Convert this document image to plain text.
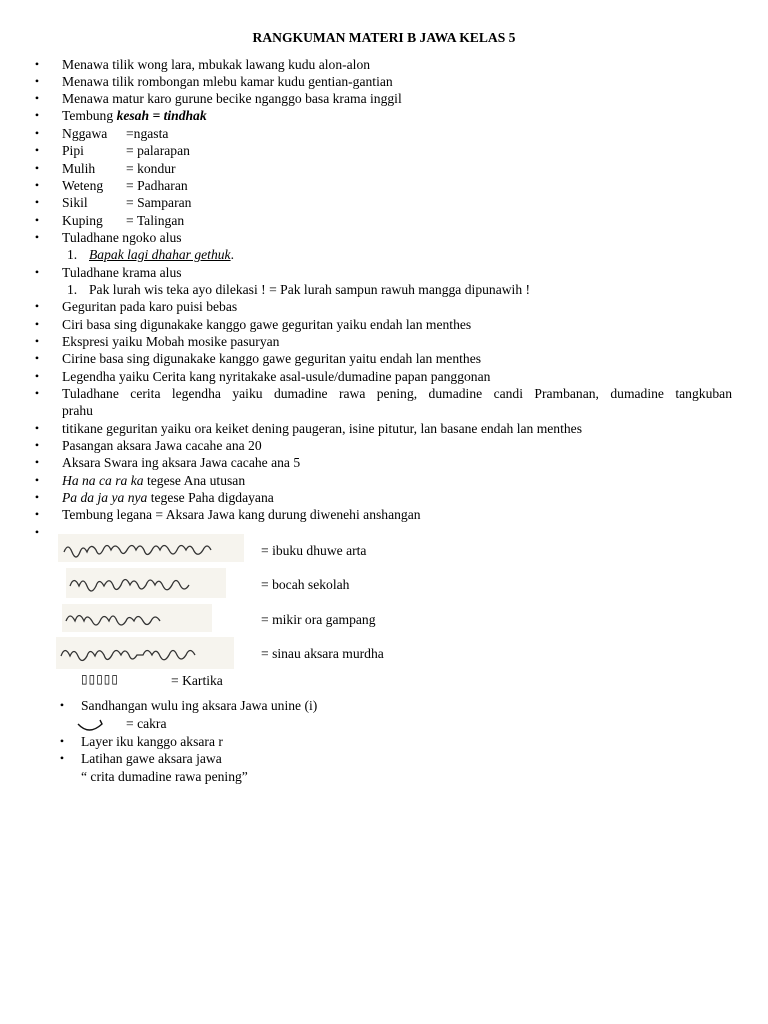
RANGKUMAN MATERI B JAWA KELAS 5
• Menawa tilik wong lara, mbukak lawang kudu alon-alon
• Menawa tilik rombongan mlebu kamar kudu gentian-gantian
• Menawa matur karo gurune becike nganggo basa krama inggil
• Tembung kesah = tindhak
• Nggawa =ngasta
• Pipi	= palarapan
• Mulih = kondur
• Weteng = Padharan
• Sikil	= Samparan
• Kuping = Talingan
• Tuladhane ngoko alus
1. Bapak lagi dhahar gethuk.
• Tuladhane krama alus
1. Pak lurah wis teka ayo dilekasi ! = Pak lurah sampun rawuh mangga dipunawih !
• Geguritan pada karo puisi bebas
• Ciri basa sing digunakake kanggo gawe geguritan yaiku endah lan menthes
• Ekspresi yaiku Mobah mosike pasuryan
• Cirine basa sing digunakake kanggo gawe geguritan yaitu endah lan menthes
• Legendha yaiku Cerita kang nyritakake asal-usule/dumadine papan panggonan
• Tuladhane cerita legendha yaiku dumadine rawa pening, dumadine candi Prambanan, dumadine tangkuban
prahu
• titikane geguritan yaiku ora keiket dening paugeran, isine pitutur, lan basane endah lan menthes
• Pasangan aksara Jawa cacahe ana 20
• Aksara Swara ing aksara Jawa cacahe ana 5
• Ha na ca ra ka tegese Ana utusan
• Pa da ja ya nya tegese Paha digdayana
• Tembung legana = Aksara Jawa kang durung diwenehi anshangan
•
= ibuku dhuwe arta
= bocah sekolah
= mikir ora gampang
= sinau aksara murdha
▯▯▯▯▯	= Kartika
• Sandhangan wulu ing aksara Jawa unine (i)
= cakra
• Layer iku kanggo aksara r
• Latihan gawe aksara jawa
“ crita dumadine rawa pening”
